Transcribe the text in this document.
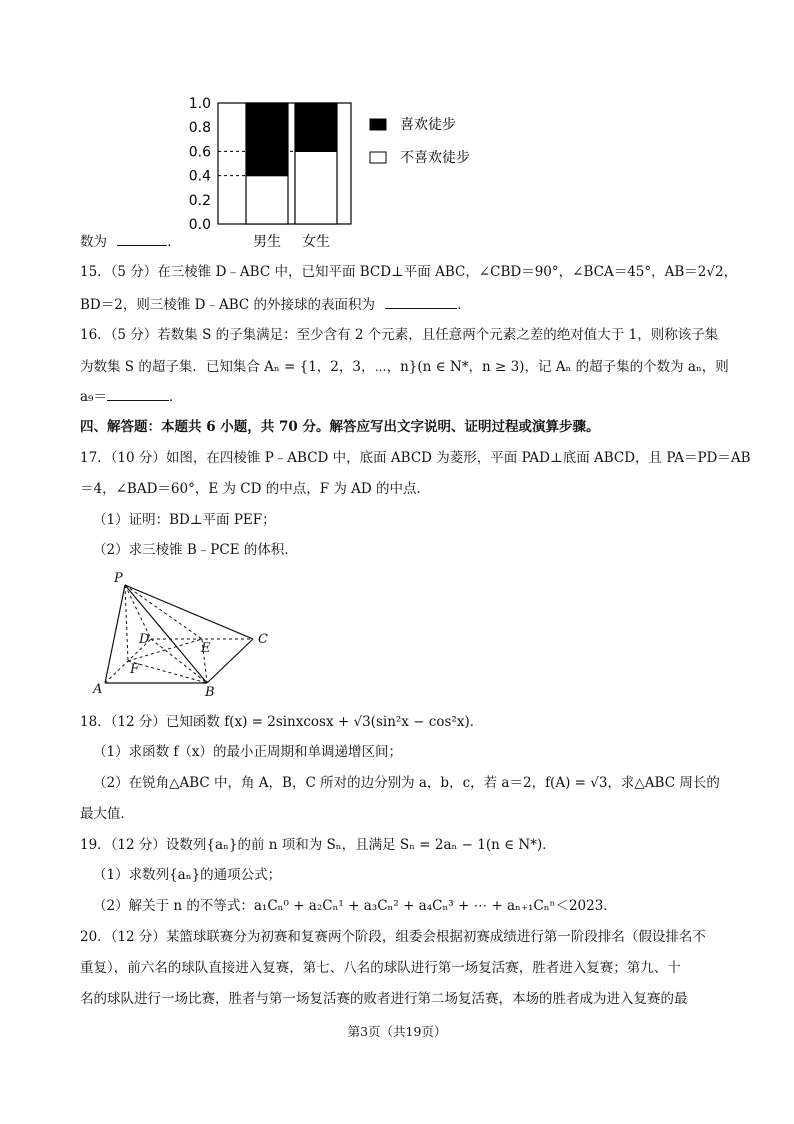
0.0
0.2
0.4
0.6
0.8
1.0
男生 女生
喜欢徒步
不喜欢徒步
数为	．
15．（5 分）在三棱锥 D﹣ABC 中，已知平面 BCD⊥平面 ABC，∠CBD＝90°，∠BCA＝45°，AB＝2√2，
BD＝2，则三棱锥 D﹣ABC 的外接球的表面积为	．
16．（5 分）若数集 S 的子集满足：至少含有 2 个元素，且任意两个元素之差的绝对值大于 1，则称该子集
为数集 S 的超子集．已知集合 Aₙ = {1，2，3，⋯，n}(n ∈ N*，n ≥ 3)，记 Aₙ 的超子集的个数为 aₙ，则
a₉＝	．
四、解答题：本题共 6 小题，共 70 分。解答应写出文字说明、证明过程或演算步骤。
17．（10 分）如图，在四棱锥 P﹣ABCD 中，底面 ABCD 为菱形，平面 PAD⊥底面 ABCD，且 PA＝PD＝AB
＝4，∠BAD＝60°，E 为 CD 的中点，F 为 AD 的中点．
（1）证明：BD⊥平面 PEF；
（2）求三棱锥 B﹣PCE 的体积．
P
D
E
C
F
A	B
18．（12 分）已知函数 f(x) = 2sinxcosx + √3(sin²x − cos²x)．
（1）求函数 f（x）的最小正周期和单调递增区间；
（2）在锐角△ABC 中，角 A，B，C 所对的边分别为 a，b，c，若 a＝2，f(A) = √3，求△ABC 周长的
最大值．
19．（12 分）设数列{aₙ}的前 n 项和为 Sₙ，且满足 Sₙ = 2aₙ − 1(n ∈ N*)．
（1）求数列{aₙ}的通项公式；
（2）解关于 n 的不等式：a₁Cₙ⁰ + a₂Cₙ¹ + a₃Cₙ² + a₄Cₙ³ + ⋯ + aₙ₊₁Cₙⁿ＜2023．
20．（12 分）某篮球联赛分为初赛和复赛两个阶段，组委会根据初赛成绩进行第一阶段排名（假设排名不
重复），前六名的球队直接进入复赛，第七、八名的球队进行第一场复活赛，胜者进入复赛；第九、十
名的球队进行一场比赛，胜者与第一场复活赛的败者进行第二场复活赛，本场的胜者成为进入复赛的最
第3页（共19页）
